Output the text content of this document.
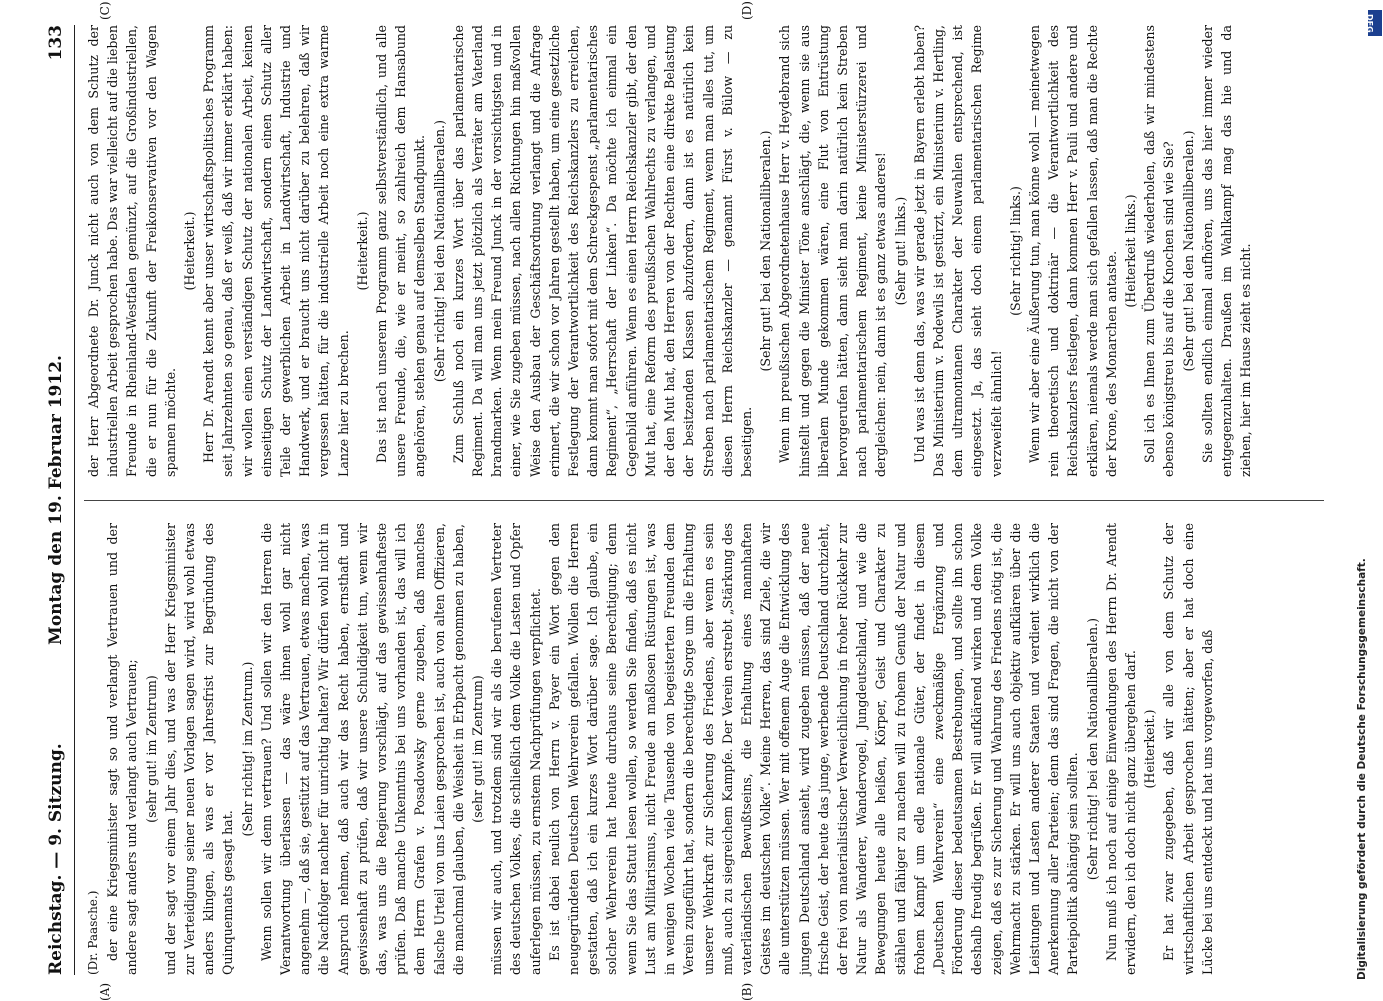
Reichstag. — 9. Sitzung.
Montag den 19. Februar 1912.
133

(Dr. Paasche.) der eine Kriegsminister sagt so und verlangt Vertrauen und der andere sagt anders und verlangt auch Vertrauen; (sehr gut! im Zentrum) und der sagt vor einem Jahr dies, und was der Herr Kriegsminister zur Verteidigung seiner neuen Vorlagen sagen wird, wird wohl etwas anders klingen, als was er vor Jahresfrist zur Begründung des Quinquennats gesagt hat.

(Sehr richtig! im Zentrum.) Wenn sollen wir denn vertrauen? Und sollen wir den Herren die Verantwortung überlassen — das wäre ihnen wohl gar nicht angenehm —, daß sie, gestützt auf das Vertrauen, etwas machen, was die Nachfolger nachher für unrichtig halten? Wir dürfen wohl nicht in Anspruch nehmen, daß auch wir das Recht haben, ernsthaft und gewissenhaft zu prüfen, daß wir unsere Schuldigkeit tun, wenn wir das, was uns die Regierung vorschlägt, auf das gewissenhafteste prüfen. Daß manche Unkenntnis bei uns vorhanden ist, das will ich dem Herrn Grafen v. Posadowsky gerne zugeben, daß manches falsche Urteil von uns Laien gesprochen ist, auch von alten Offizieren, die manchmal glauben, die Weisheit in Erbpacht genommen zu haben, (sehr gut! im Zentrum) müssen wir auch, und trotzdem sind wir als die berufenen Vertreter des deutschen Volkes, die schließlich dem Volke die Lasten und Opfer auferlegen müssen, zu ernstem Nachprüfungen verpflichtet. Es ist dabei neulich von Herrn v. Payer ein Wort gegen den neugegründeten Deutschen Wehrverein gefallen. Wollen die Herren gestatten, daß ich ein kurzes Wort darüber sage. Ich glaube, ein solcher Wehrverein hat heute durchaus seine Berechtigung; denn wenn Sie das Statut lesen wollen, so werden Sie finden, daß es nicht Lust am Militarismus, nicht Freude an maßlosen Rüstungen ist, was in wenigen Wochen viele Tausende von begeisterten Freunden dem Verein zugeführt hat, sondern die berechtigte Sorge um die Erhaltung unserer Wehrkraft zur Sicherung des Friedens, aber wenn es sein muß, auch zu siegreichem Kampfe. Der Verein erstrebt „Stärkung des vaterländischen Bewußtseins, die Erhaltung eines mannhaften Geistes im deutschen Volke“. Meine Herren, das sind Ziele, die wir alle unterstützen müssen. Wer mit offenem Auge die Entwicklung des jungen Deutschland ansieht, wird zugeben müssen, daß der neue frische Geist, der heute das junge, werbende Deutschland durchzieht, der frei von materialistischer Verweichlichung in froher Rückkehr zur Natur als Wanderer, Wandervogel, Jungdeutschland, und wie die Bewegungen heute alle heißen, Körper, Geist und Charakter zu stählen und fähiger zu machen will zu frohem Genuß der Natur und frohem Kampf um edle nationale Güter, der findet in diesem „Deutschen Wehrverein“ eine zweckmäßige Ergänzung und Förderung dieser bedeutsamen Bestrebungen, und sollte ihn schon deshalb freudig begrüßen. Er will aufklärend wirken und dem Volke zeigen, daß es zur Sicherung und Wahrung des Friedens nötig ist, die Wehrmacht zu stärken. Er will uns auch objektiv aufklären über die Leistungen und Lasten anderer Staaten und verdient wirklich die Anerkennung aller Parteien; denn das sind Fragen, die nicht von der Parteipolitik abhängig sein sollten. (Sehr richtig! bei den Nationalliberalen.) Nun muß ich noch auf einige Einwendungen des Herrn Dr. Arendt erwidern, den ich doch nicht ganz übergehen darf. (Heiterkeit.) Er hat zwar zugegeben, daß wir alle von dem Schutz der wirtschaftlichen Arbeit gesprochen hätten; aber er hat doch eine Lücke bei uns entdeckt und hat uns vorgeworfen, daß

der Herr Abgeordnete Dr. Junck nicht auch von dem Schutz der industriellen Arbeit gesprochen habe. Das war vielleicht auf die lieben Freunde in Rheinland-Westfalen gemünzt, auf die Großindustriellen, die er nun für die Zukunft der Freikonservativen vor den Wagen spannen möchte.

(Heiterkeit.) Herr Dr. Arendt kennt aber unser wirtschaftspolitisches Programm seit Jahrzehnten so genau, daß er weiß, daß wir immer erklärt haben: wir wollen einen verständigen Schutz der nationalen Arbeit, keinen einseitigen Schutz der Landwirtschaft, sondern einen Schutz aller Teile der gewerblichen Arbeit in Landwirtschaft, Industrie und Handwerk, und er braucht uns nicht darüber zu belehren, daß wir vergessen hätten, für die industrielle Arbeit noch eine extra warme Lanze hier zu brechen.

(Heiterkeit.) Das ist nach unserem Programm ganz selbstverständlich, und alle unsere Freunde, die, wie er meint, so zahlreich dem Hansabund angehören, stehen genau auf demselben Standpunkt. (Sehr richtig! bei den Nationalliberalen.) Zum Schluß noch ein kurzes Wort über das parlamentarische Regiment. Da will man uns jetzt plötzlich als Verräter am Vaterland brandmarken. Wenn mein Freund Junck in der vorsichtigsten und in einer, wie Sie zugeben müssen, nach allen Richtungen hin maßvollen Weise den Ausbau der Geschäftsordnung verlangt und die Anfrage erinnert, die wir schon vor Jahren gestellt haben, um eine gesetzliche Festlegung der Verantwortlichkeit des Reichskanzlers zu erreichen, dann kommt man sofort mit dem Schreckgespenst „parlamentarisches Regiment“, „Herrschaft der Linken“. Da möchte ich einmal ein Gegenbild anführen. Wenn es einen Herrn Reichskanzler gibt, der den Mut hat, eine Reform des preußischen Wahlrechts zu verlangen, und der den Mut hat, den Herren von der Rechten eine direkte Belastung der besitzenden Klassen abzufordern, dann ist es natürlich kein Streben nach parlamentarischem Regiment, wenn man alles tut, um diesen Herrn Reichskanzler — genannt Fürst v. Bülow — zu beseitigen.

(Sehr gut! bei den Nationalliberalen.) Wenn im preußischen Abgeordnetenhause Herr v. Heydebrand sich hinstellt und gegen die Minister Töne anschlägt, die, wenn sie aus liberalem Munde gekommen wären, eine Flut von Entrüstung hervorgerufen hätten, dann sieht man darin natürlich kein Streben nach parlamentarischem Regiment, keine Ministerstürzerei und dergleichen: nein, dann ist es ganz etwas anderes! (Sehr gut! links.) Und was ist denn das, was wir gerade jetzt in Bayern erlebt haben? Das Ministerium v. Podewils ist gestürzt, ein Ministerium v. Hertling, dem ultramontanen Charakter der Neuwahlen entsprechend, ist eingesetzt. Ja, das sieht doch einem parlamentarischen Regime verzweifelt ähnlich!

(Sehr richtig! links.) Wenn wir aber eine Äußerung tun, man könne wohl — meinetwegen rein theoretisch und doktrinär — die Verantwortlichkeit des Reichskanzlers festlegen, dann kommen Herr v. Pauli und andere und erklären, niemals werde man sich gefallen lassen, daß man die Rechte der Krone, des Monarchen antaste. (Heiterkeit links.) Soll ich es Ihnen zum Überdruß wiederholen, daß wir mindestens ebenso königstreu bis auf die Knochen sind wie Sie? (Sehr gut! bei den Nationalliberalen.) Sie sollten endlich einmal aufhören, uns das hier immer wieder entgegenzuhalten. Draußen im Wahlkampf mag das hie und da ziehen, hier im Hause zieht es nicht.

(A)	(B)
(C)	(D)
DFG
Digitalisierung gefördert durch die Deutsche Forschungsgemeinschaft.
